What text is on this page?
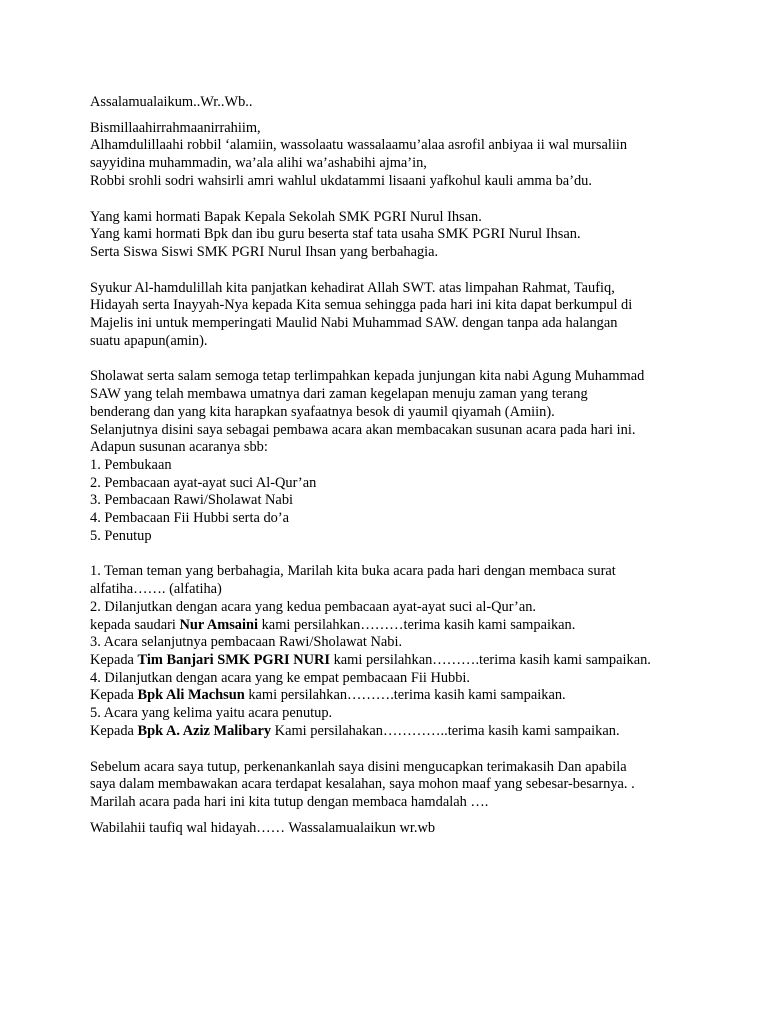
Assalamualaikum..Wr..Wb..
Bismillaahirrahmaanirrahiim,
Alhamdulillaahi robbil ‘alamiin, wassolaatu wassalaamu’alaa asrofil anbiyaa ii wal mursaliin
sayyidina muhammadin, wa’ala alihi wa’ashabihi ajma’in,
Robbi srohli sodri wahsirli amri wahlul ukdatammi lisaani yafkohul kauli amma ba’du.
Yang kami hormati Bapak Kepala Sekolah SMK PGRI Nurul Ihsan.
Yang kami hormati Bpk dan ibu guru beserta staf tata usaha SMK PGRI Nurul Ihsan.
Serta Siswa Siswi SMK PGRI Nurul Ihsan yang berbahagia.
Syukur Al-hamdulillah kita panjatkan kehadirat Allah SWT. atas limpahan Rahmat, Taufiq,
Hidayah serta Inayyah-Nya kepada Kita semua sehingga pada hari ini kita dapat berkumpul di
Majelis ini untuk memperingati Maulid Nabi Muhammad SAW. dengan tanpa ada halangan
suatu apapun(amin).
Sholawat serta salam semoga tetap terlimpahkan kepada junjungan kita nabi Agung Muhammad
SAW yang telah membawa umatnya dari zaman kegelapan menuju zaman yang terang
benderang dan yang kita harapkan syafaatnya besok di yaumil qiyamah (Amiin).
Selanjutnya disini saya sebagai pembawa acara akan membacakan susunan acara pada hari ini.
Adapun susunan acaranya sbb:
1. Pembukaan
2. Pembacaan ayat-ayat suci Al-Qur’an
3. Pembacaan Rawi/Sholawat Nabi
4. Pembacaan Fii Hubbi serta do’a
5. Penutup
1. Teman teman yang berbahagia, Marilah kita buka acara pada hari dengan membaca surat
alfatiha……. (alfatiha)
2. Dilanjutkan dengan acara yang kedua pembacaan ayat-ayat suci al-Qur’an.
kepada saudari Nur Amsaini kami persilahkan………terima kasih kami sampaikan.
3. Acara selanjutnya pembacaan Rawi/Sholawat Nabi.
Kepada Tim Banjari SMK PGRI NURI kami persilahkan……….terima kasih kami sampaikan.
4. Dilanjutkan dengan acara yang ke empat pembacaan Fii Hubbi.
Kepada Bpk Ali Machsun kami persilahkan……….terima kasih kami sampaikan.
5. Acara yang kelima yaitu acara penutup.
Kepada Bpk A. Aziz Malibary Kami persilahakan…………..terima kasih kami sampaikan.
Sebelum acara saya tutup, perkenankanlah saya disini mengucapkan terimakasih Dan apabila
saya dalam membawakan acara terdapat kesalahan, saya mohon maaf yang sebesar-besarnya. .
Marilah acara pada hari ini kita tutup dengan membaca hamdalah ….
Wabilahii taufiq wal hidayah…… Wassalamualaikun wr.wb
